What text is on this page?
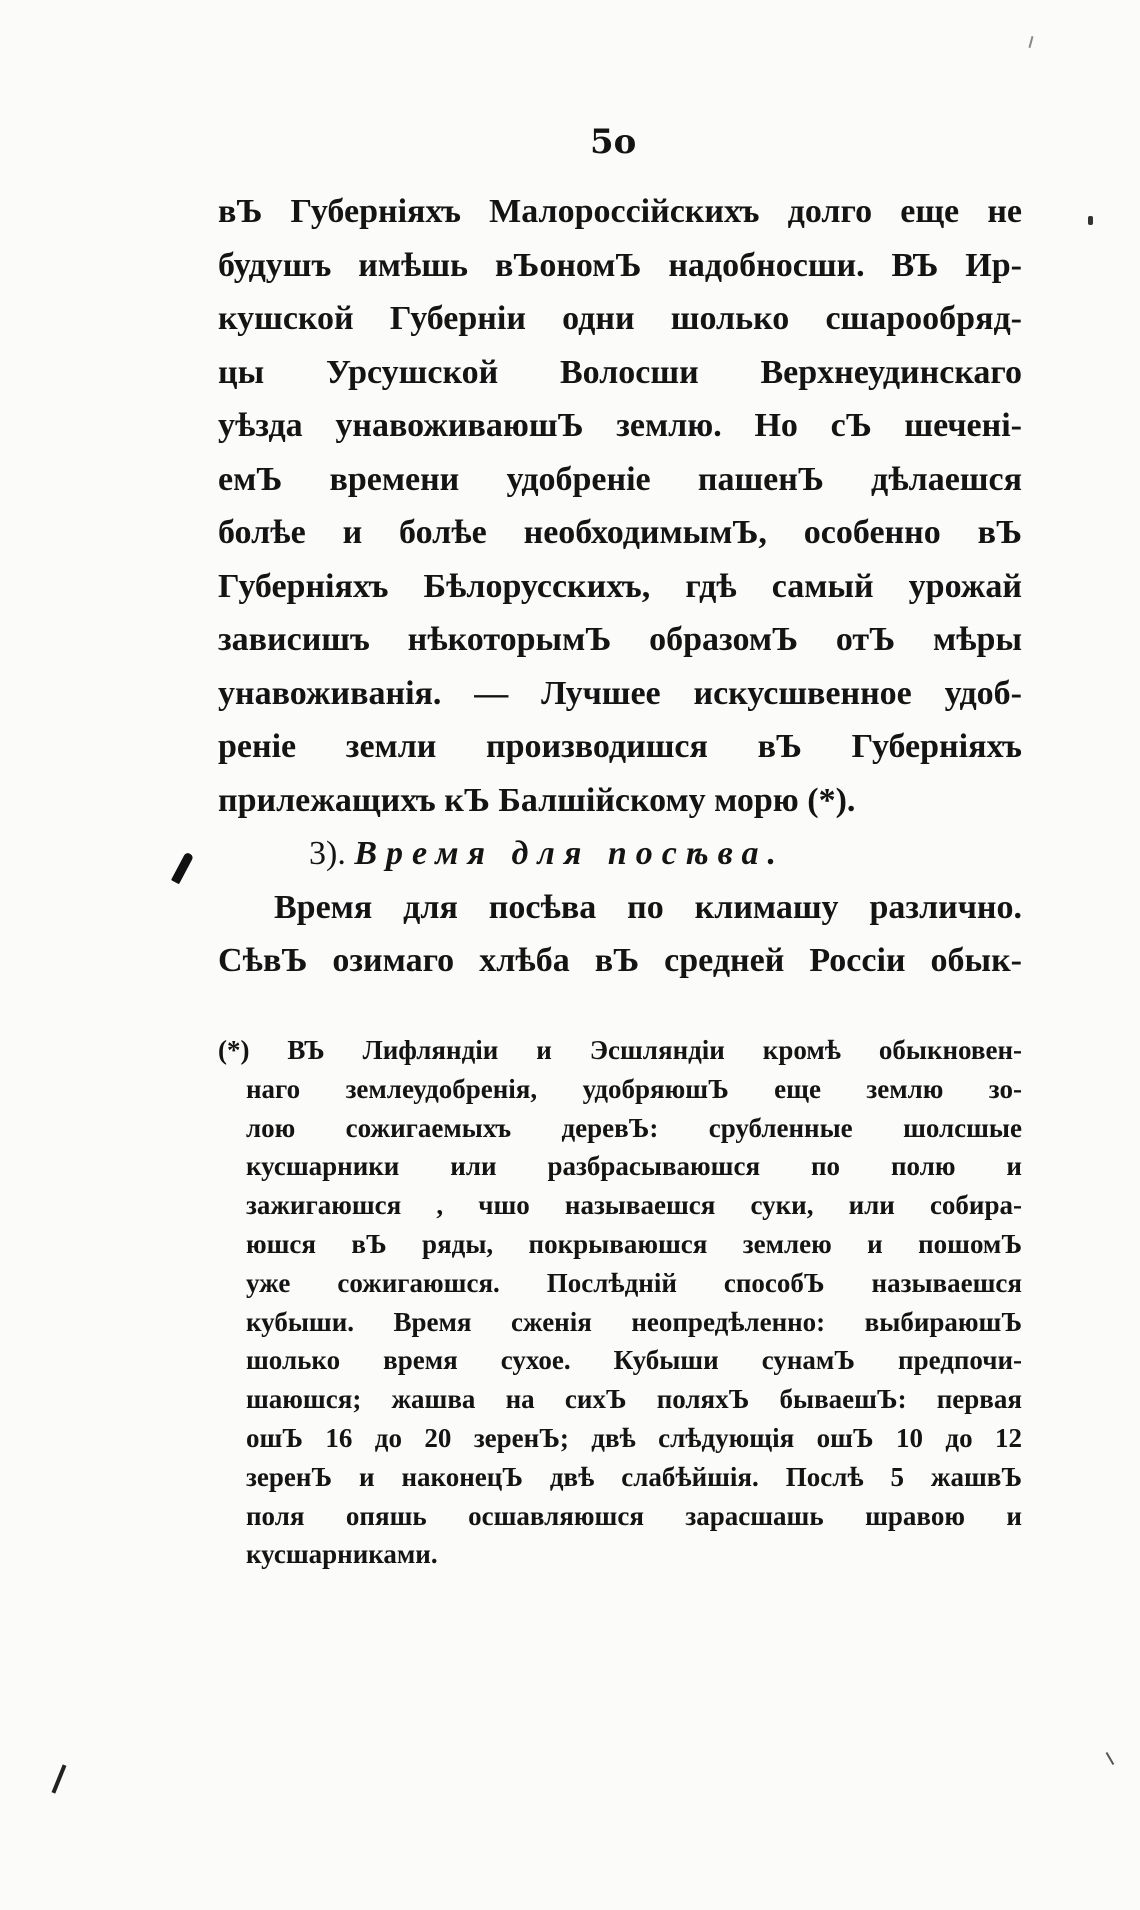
5o
вЪ Губерніяхъ Малороссійскихъ долго еще не
будушъ имѣшь вЪономЪ надобносши. ВЪ Ир-
кушской Губерніи одни шолько сшарообряд-
цы Урсушской Волосши Верхнеудинскаго
уѣзда унавоживаюшЪ землю. Но сЪ шеченi-
емЪ времени удобреніе пашенЪ дѣлаешся
болѣе и болѣе необходимымЪ, особенно вЪ
Губерніяхъ Бѣлорусскихъ, гдѣ самый урожай
зависишъ нѣкоторымЪ образомЪ отЪ мѣры
унавоживанія. — Лучшее искусшвенное удоб-
реніе земли производишся вЪ Губерніяхъ
прилежащихъ кЪ Балшійскому морю (*).
3). Время для посѣва.
Время для посѣва по климашу различно.
СѣвЪ озимаго хлѣба вЪ средней Россіи обык-
(*) ВЪ Лифляндіи и Эсшляндіи кромѣ обыкновен-
наго землеудобренія, удобряюшЪ еще землю зо-
лою сожигаемыхъ деревЪ: срубленные шолсшые
кусшарники или разбрасываюшся по полю и
зажигаюшся , чшо называешся суки, или собира-
юшся вЪ ряды, покрываюшся землею и пошомЪ
уже сожигаюшся. Послѣдній способЪ называешся
кубыши. Время сженія неопредѣленно: выбираюшЪ
шолько время сухое. Кубыши сунамЪ предпочи-
шаюшся; жашва на сихЪ поляхЪ бываешЪ: первая
ошЪ 16 до 20 зеренЪ; двѣ слѣдующія ошЪ 10 до 12
зеренЪ и наконецЪ двѣ слабѣйшія. Послѣ 5 жашвЪ
поля опяшь осшавляюшся зарасшашь шравою и
кусшарниками.
